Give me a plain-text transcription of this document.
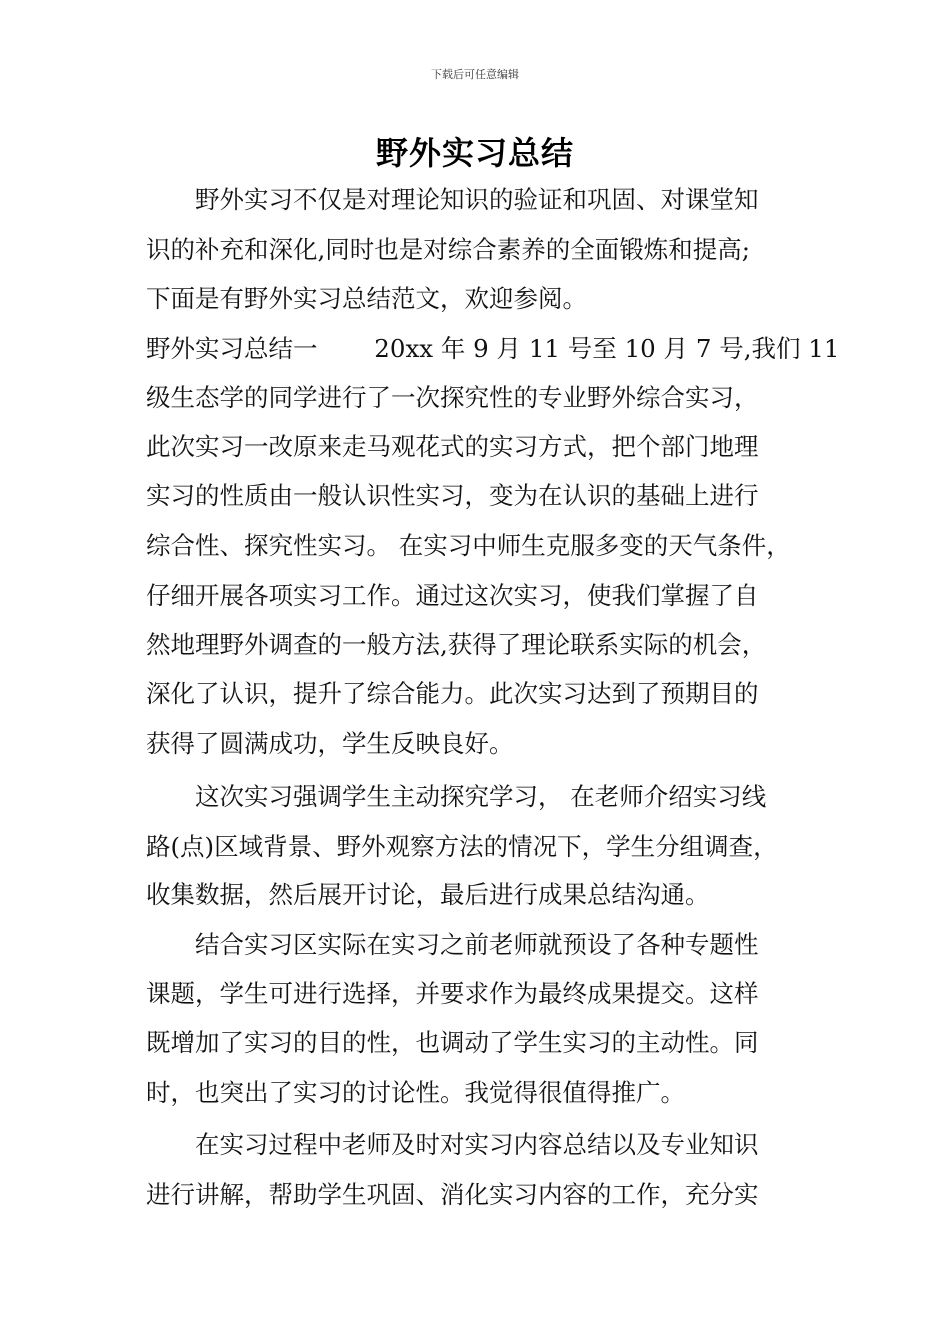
下载后可任意编辑
野外实习总结
　　野外实习不仅是对理论知识的验证和巩固、对课堂知
识的补充和深化,同时也是对综合素养的全面锻炼和提高;
下面是有野外实习总结范文，欢迎参阅。
野外实习总结一　　 20xx 年 9 月 11 号至 10 月 7 号,我们 11
级生态学的同学进行了一次探究性的专业野外综合实习，
此次实习一改原来走马观花式的实习方式，把个部门地理
实习的性质由一般认识性实习，变为在认识的基础上进行
综合性、探究性实习。 在实习中师生克服多变的天气条件，
仔细开展各项实习工作。通过这次实习，使我们掌握了自
然地理野外调查的一般方法,获得了理论联系实际的机会，
深化了认识，提升了综合能力。此次实习达到了预期目的
获得了圆满成功，学生反映良好。
　　这次实习强调学生主动探究学习， 在老师介绍实习线
路(点)区域背景、野外观察方法的情况下，学生分组调查，
收集数据，然后展开讨论，最后进行成果总结沟通。
　　结合实习区实际在实习之前老师就预设了各种专题性
课题，学生可进行选择，并要求作为最终成果提交。这样
既增加了实习的目的性，也调动了学生实习的主动性。同
时，也突出了实习的讨论性。我觉得很值得推广。
　　在实习过程中老师及时对实习内容总结以及专业知识
进行讲解，帮助学生巩固、消化实习内容的工作，充分实
